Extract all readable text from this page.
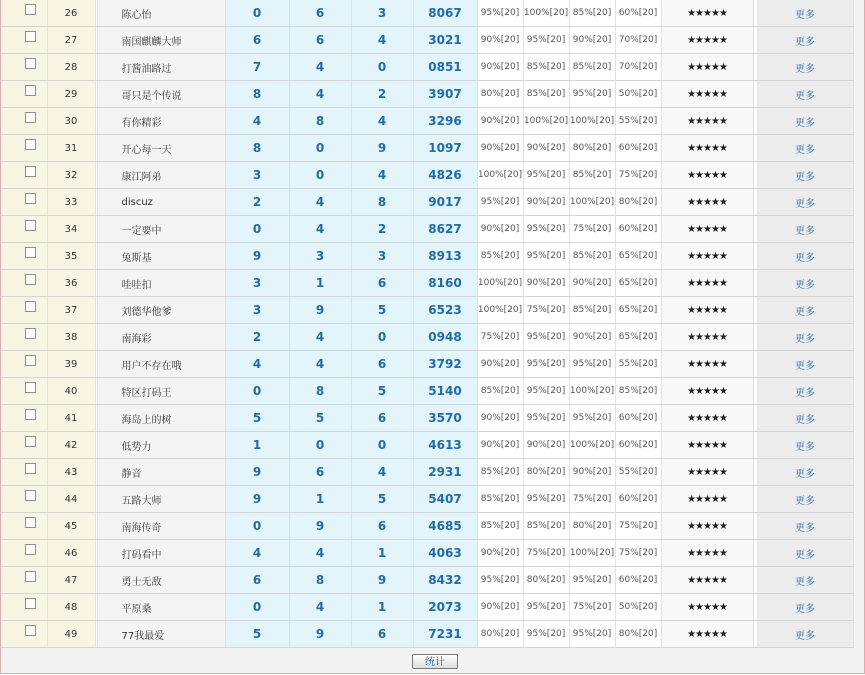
	26		陈心怡	0	6	3	8067	95%[20]	100%[20]	85%[20]	60%[20]	★★★★★		更多
	27		南国麒麟大师	6	6	4	3021	90%[20]	95%[20]	90%[20]	70%[20]	★★★★★		更多
	28		打酱油路过	7	4	0	0851	90%[20]	85%[20]	85%[20]	70%[20]	★★★★★		更多
	29		哥只是个传说	8	4	2	3907	80%[20]	85%[20]	95%[20]	50%[20]	★★★★★		更多
	30		有你精彩	4	8	4	3296	90%[20]	100%[20]	100%[20]	55%[20]	★★★★★		更多
	31		开心每一天	8	0	9	1097	90%[20]	90%[20]	80%[20]	60%[20]	★★★★★		更多
	32		康江阿弟	3	0	4	4826	100%[20]	95%[20]	85%[20]	75%[20]	★★★★★		更多
	33		discuz	2	4	8	9017	95%[20]	90%[20]	100%[20]	80%[20]	★★★★★		更多
	34		一定要中	0	4	2	8627	90%[20]	95%[20]	75%[20]	60%[20]	★★★★★		更多
	35		兔斯基	9	3	3	8913	85%[20]	95%[20]	85%[20]	65%[20]	★★★★★		更多
	36		哇哇扣	3	1	6	8160	100%[20]	90%[20]	90%[20]	65%[20]	★★★★★		更多
	37		刘德华他爹	3	9	5	6523	100%[20]	75%[20]	85%[20]	65%[20]	★★★★★		更多
	38		南海彩	2	4	0	0948	75%[20]	95%[20]	90%[20]	65%[20]	★★★★★		更多
	39		用户不存在哦	4	4	6	3792	90%[20]	95%[20]	95%[20]	55%[20]	★★★★★		更多
	40		特区打码王	0	8	5	5140	85%[20]	95%[20]	100%[20]	85%[20]	★★★★★		更多
	41		海岛上的树	5	5	6	3570	90%[20]	95%[20]	95%[20]	60%[20]	★★★★★		更多
	42		低势力	1	0	0	4613	90%[20]	90%[20]	100%[20]	60%[20]	★★★★★		更多
	43		静音	9	6	4	2931	85%[20]	80%[20]	90%[20]	55%[20]	★★★★★		更多
	44		五路大师	9	1	5	5407	85%[20]	95%[20]	75%[20]	60%[20]	★★★★★		更多
	45		南海传奇	0	9	6	4685	85%[20]	85%[20]	80%[20]	75%[20]	★★★★★		更多
	46		打码看中	4	4	1	4063	90%[20]	75%[20]	100%[20]	75%[20]	★★★★★		更多
	47		勇士无敌	6	8	9	8432	95%[20]	80%[20]	95%[20]	60%[20]	★★★★★		更多
	48		平原桑	0	4	1	2073	90%[20]	95%[20]	75%[20]	50%[20]	★★★★★		更多
	49		77我最爱	5	9	6	7231	80%[20]	95%[20]	95%[20]	80%[20]	★★★★★		更多
统计
